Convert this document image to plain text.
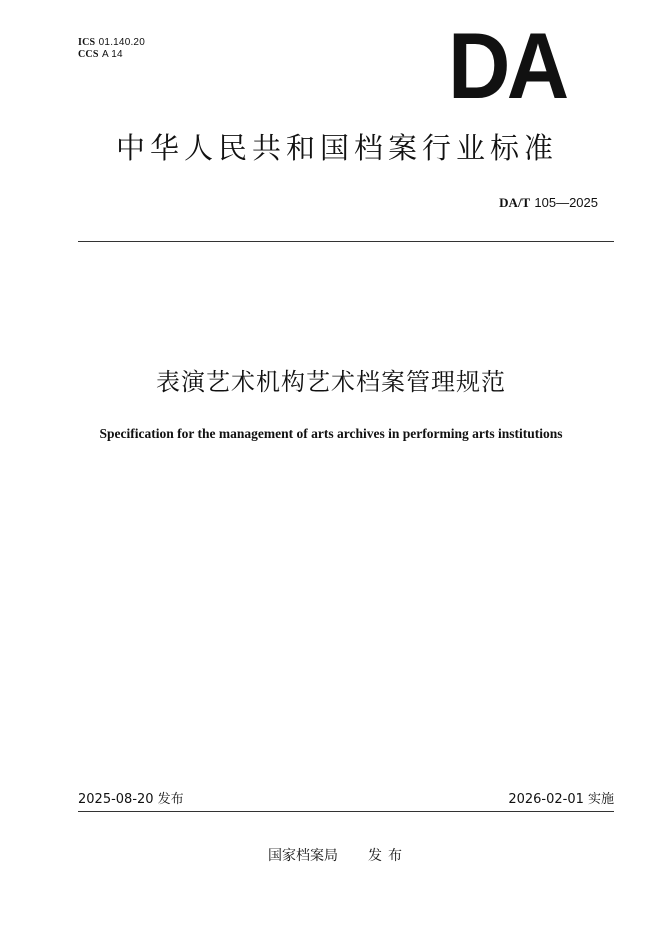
ICS 01.140.20
CCS A 14	DA
中华人民共和国档案行业标准
DA/T 105—2025
表演艺术机构艺术档案管理规范
Specification for the management of arts archives in performing arts institutions
2025-08-20 发布	2026-02-01 实施
国家档案局 发布
